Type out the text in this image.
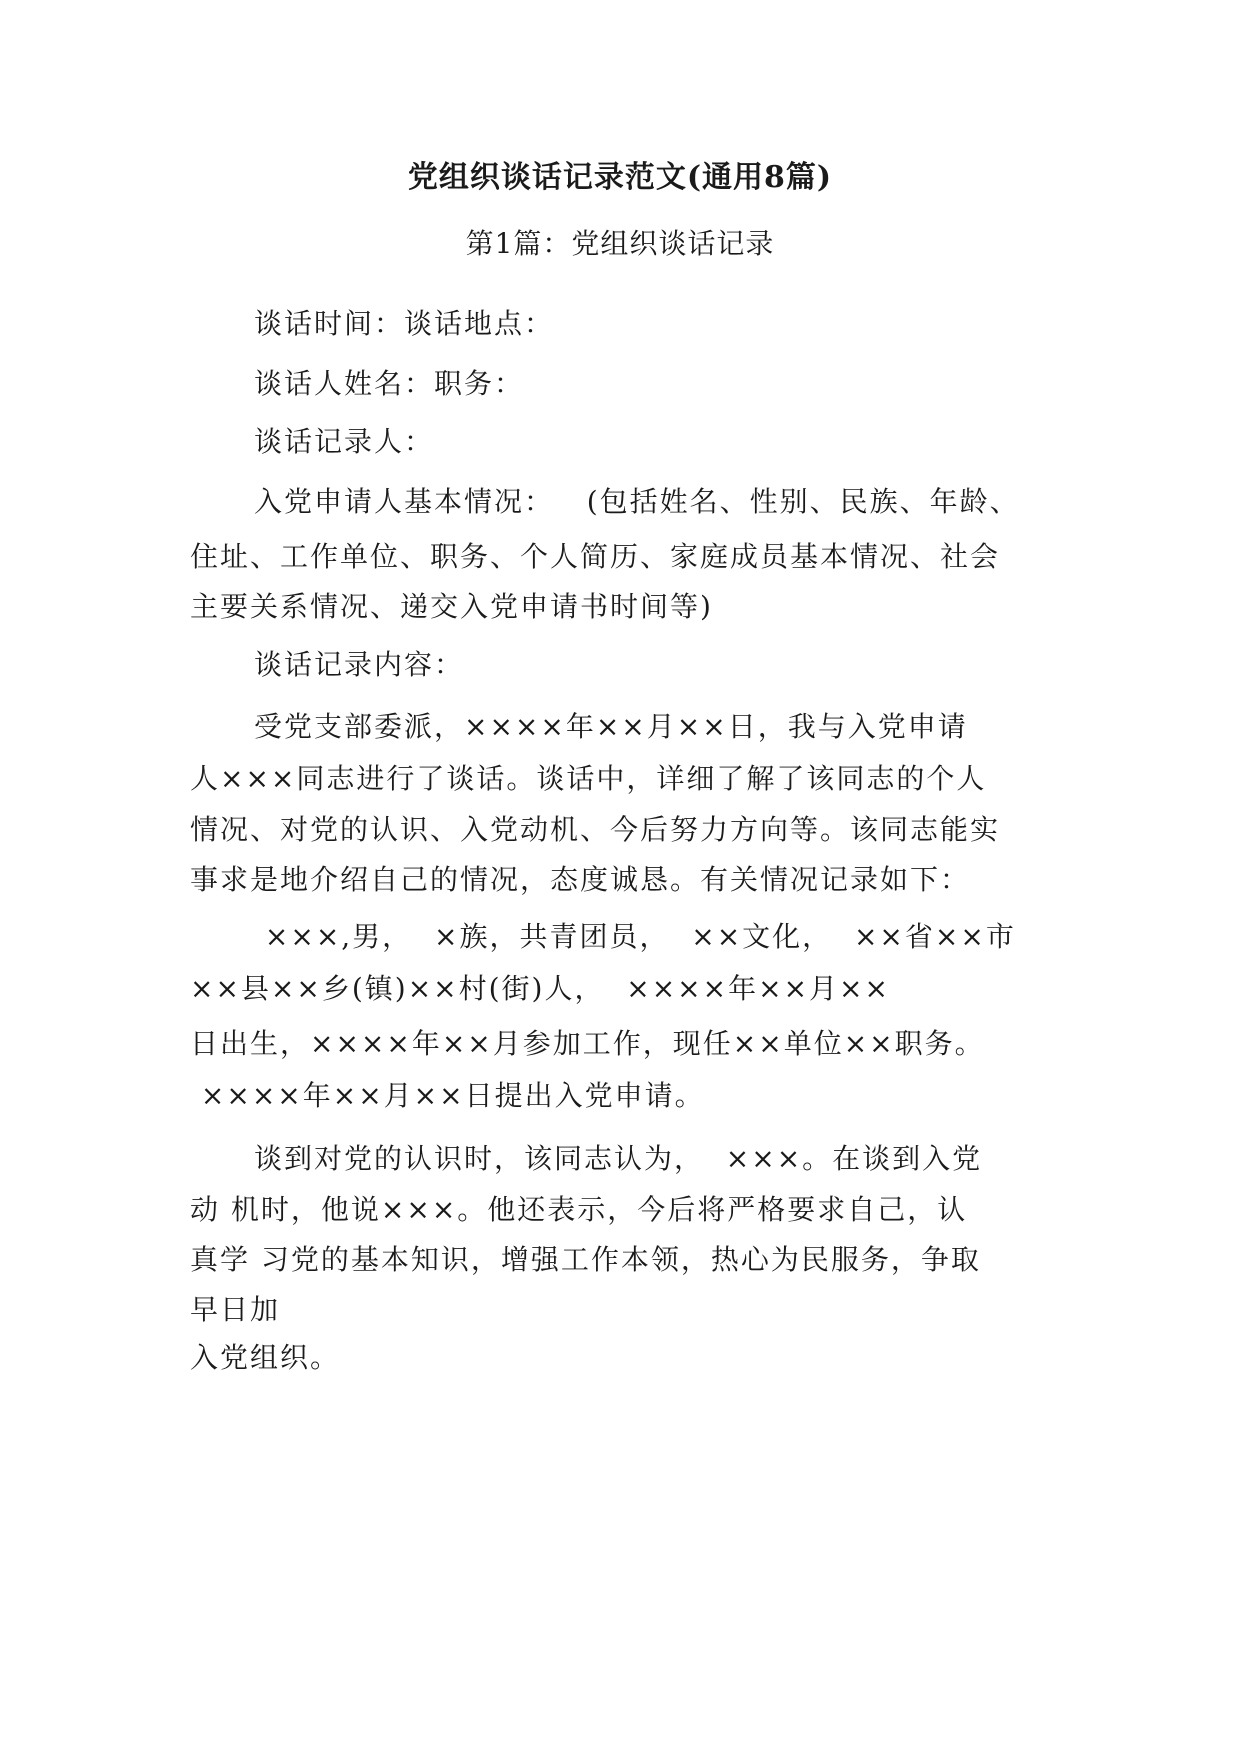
党组织谈话记录范文(通用8篇)
第1篇：党组织谈话记录
谈话时间：谈话地点：
谈话人姓名：职务：
谈话记录人：
入党申请人基本情况：   (包括姓名、性别、民族、年龄、
住址、工作单位、职务、个人简历、家庭成员基本情况、社会
主要关系情况、递交入党申请书时间等)
谈话记录内容：
受党支部委派，××××年××月××日，我与入党申请
人×××同志进行了谈话。谈话中，详细了解了该同志的个人
情况、对党的认识、入党动机、今后努力方向等。该同志能实
事求是地介绍自己的情况，态度诚恳。有关情况记录如下：
×××,男，  ×族，共青团员，  ××文化，  ××省××市
××县××乡(镇)××村(街)人，  ××××年××月××
日出生，××××年××月参加工作，现任××单位××职务。
××××年××月××日提出入党申请。
谈到对党的认识时，该同志认为，  ×××。在谈到入党
动 机时，他说×××。他还表示，今后将严格要求自己，认
真学 习党的基本知识，增强工作本领，热心为民服务，争取
早日加
入党组织。
